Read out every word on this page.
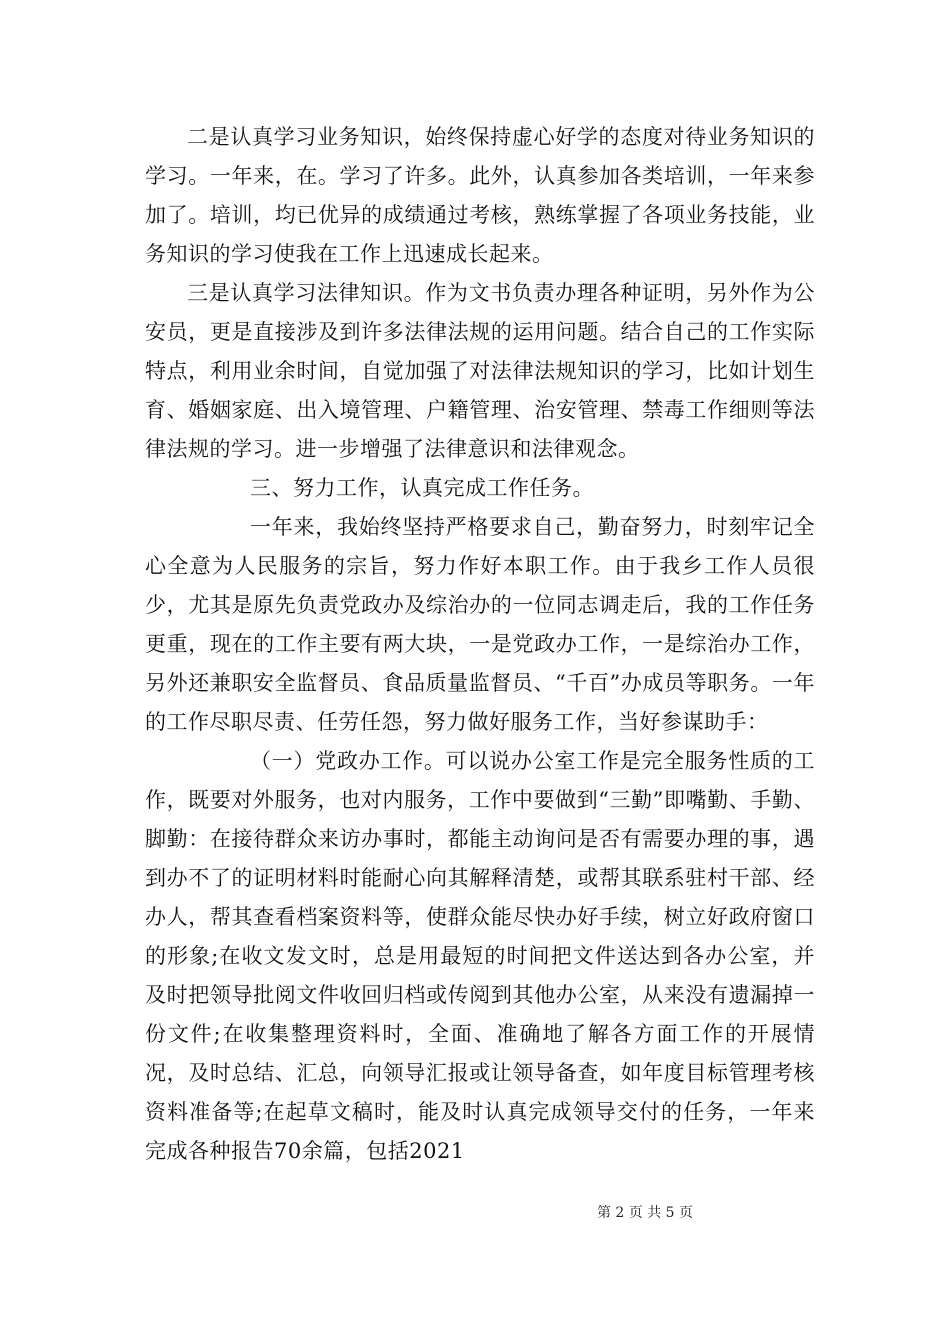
二是认真学习业务知识，始终保持虚心好学的态度对待业务知识的学习。一年来，在。学习了许多。此外，认真参加各类培训，一年来参加了。培训，均已优异的成绩通过考核，熟练掌握了各项业务技能，业务知识的学习使我在工作上迅速成长起来。

三是认真学习法律知识。作为文书负责办理各种证明，另外作为公安员，更是直接涉及到许多法律法规的运用问题。结合自己的工作实际特点，利用业余时间，自觉加强了对法律法规知识的学习，比如计划生育、婚姻家庭、出入境管理、户籍管理、治安管理、禁毒工作细则等法律法规的学习。进一步增强了法律意识和法律观念。

三、努力工作，认真完成工作任务。

一年来，我始终坚持严格要求自己，勤奋努力，时刻牢记全心全意为人民服务的宗旨，努力作好本职工作。由于我乡工作人员很少，尤其是原先负责党政办及综治办的一位同志调走后，我的工作任务更重，现在的工作主要有两大块，一是党政办工作，一是综治办工作，另外还兼职安全监督员、食品质量监督员、“千百”办成员等职务。一年的工作尽职尽责、任劳任怨，努力做好服务工作，当好参谋助手：

（一）党政办工作。可以说办公室工作是完全服务性质的工作，既要对外服务，也对内服务，工作中要做到“三勤”即嘴勤、手勤、脚勤：在接待群众来访办事时，都能主动询问是否有需要办理的事，遇到办不了的证明材料时能耐心向其解释清楚，或帮其联系驻村干部、经办人，帮其查看档案资料等，使群众能尽快办好手续，树立好政府窗口的形象;在收文发文时，总是用最短的时间把文件送达到各办公室，并及时把领导批阅文件收回归档或传阅到其他办公室，从来没有遗漏掉一份文件;在收集整理资料时，全面、准确地了解各方面工作的开展情况，及时总结、汇总，向领导汇报或让领导备查，如年度目标管理考核资料准备等;在起草文稿时，能及时认真完成领导交付的任务，一年来完成各种报告70余篇，包括2021

第 2 页 共 5 页
